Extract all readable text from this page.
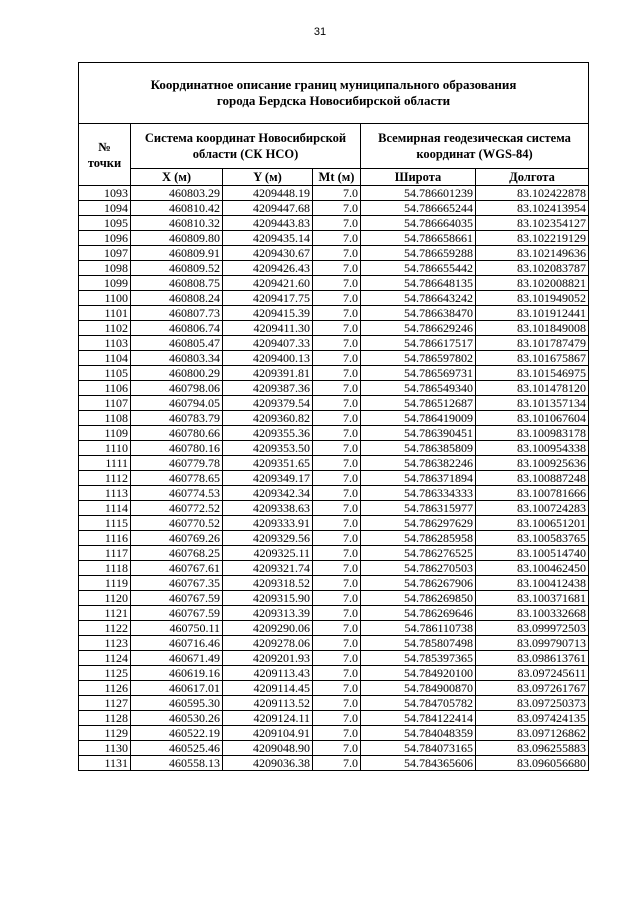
31
Координатное описание границ муниципального образования
города Бердска Новосибирской области					

№ точки	Система координат Новосибирской области (СК НСО)			Всемирная геодезическая система координат (WGS-84)	
	X (м)	Y (м)	Mt (м)	Широта	Долгота
1093	460803.29	4209448.19	7.0	54.786601239	83.102422878
1094	460810.42	4209447.68	7.0	54.786665244	83.102413954
1095	460810.32	4209443.83	7.0	54.786664035	83.102354127
1096	460809.80	4209435.14	7.0	54.786658661	83.102219129
1097	460809.91	4209430.67	7.0	54.786659288	83.102149636
1098	460809.52	4209426.43	7.0	54.786655442	83.102083787
1099	460808.75	4209421.60	7.0	54.786648135	83.102008821
1100	460808.24	4209417.75	7.0	54.786643242	83.101949052
1101	460807.73	4209415.39	7.0	54.786638470	83.101912441
1102	460806.74	4209411.30	7.0	54.786629246	83.101849008
1103	460805.47	4209407.33	7.0	54.786617517	83.101787479
1104	460803.34	4209400.13	7.0	54.786597802	83.101675867
1105	460800.29	4209391.81	7.0	54.786569731	83.101546975
1106	460798.06	4209387.36	7.0	54.786549340	83.101478120
1107	460794.05	4209379.54	7.0	54.786512687	83.101357134
1108	460783.79	4209360.82	7.0	54.786419009	83.101067604
1109	460780.66	4209355.36	7.0	54.786390451	83.100983178
1110	460780.16	4209353.50	7.0	54.786385809	83.100954338
1111	460779.78	4209351.65	7.0	54.786382246	83.100925636
1112	460778.65	4209349.17	7.0	54.786371894	83.100887248
1113	460774.53	4209342.34	7.0	54.786334333	83.100781666
1114	460772.52	4209338.63	7.0	54.786315977	83.100724283
1115	460770.52	4209333.91	7.0	54.786297629	83.100651201
1116	460769.26	4209329.56	7.0	54.786285958	83.100583765
1117	460768.25	4209325.11	7.0	54.786276525	83.100514740
1118	460767.61	4209321.74	7.0	54.786270503	83.100462450
1119	460767.35	4209318.52	7.0	54.786267906	83.100412438
1120	460767.59	4209315.90	7.0	54.786269850	83.100371681
1121	460767.59	4209313.39	7.0	54.786269646	83.100332668
1122	460750.11	4209290.06	7.0	54.786110738	83.099972503
1123	460716.46	4209278.06	7.0	54.785807498	83.099790713
1124	460671.49	4209201.93	7.0	54.785397365	83.098613761
1125	460619.16	4209113.43	7.0	54.784920100	83.097245611
1126	460617.01	4209114.45	7.0	54.784900870	83.097261767
1127	460595.30	4209113.52	7.0	54.784705782	83.097250373
1128	460530.26	4209124.11	7.0	54.784122414	83.097424135
1129	460522.19	4209104.91	7.0	54.784048359	83.097126862
1130	460525.46	4209048.90	7.0	54.784073165	83.096255883
1131	460558.13	4209036.38	7.0	54.784365606	83.096056680
